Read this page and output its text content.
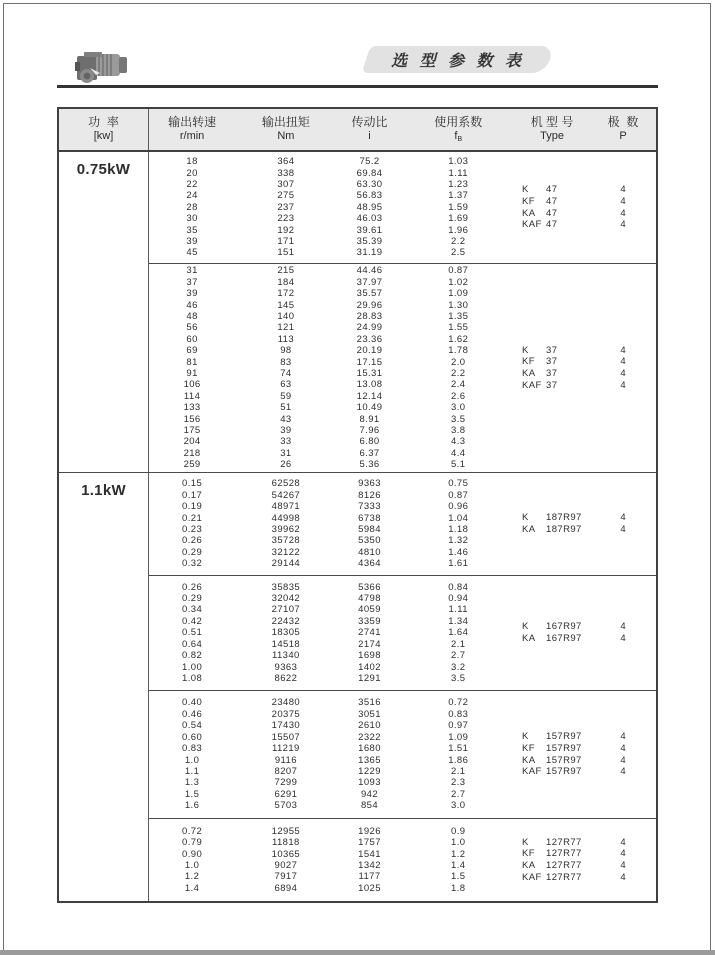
选 型 参 数 表
功  率
[kw]
输出转速
r/min
输出扭矩
Nm
传动比
i
使用系数
fB
机 型 号
Type
极  数
P
0.75kW	18
20
22
24
28
30
35
39
45
364
338
307
275
237
223
192
171
151
75.2
69.84
63.30
56.83
48.95
46.03
39.61
35.39
31.19
1.03
1.11
1.23
1.37
1.59
1.69
1.96
2.2
2.5
K 47
KF 47
KA 47
KAF 47
4
4
4
4
31
37
39
46
48
56
60
69
81
91
106
114
133
156
175
204
218
259
215
184
172
145
140
121
113
98
83
74
63
59
51
43
39
33
31
26
44.46
37.97
35.57
29.96
28.83
24.99
23.36
20.19
17.15
15.31
13.08
12.14
10.49
8.91
7.96
6.80
6.37
5.36
0.87
1.02
1.09
1.30
1.35
1.55
1.62
1.78
2.0
2.2
2.4
2.6
3.0
3.5
3.8
4.3
4.4
5.1
K 37
KF 37
KA 37
KAF 37
4
4
4
4
1.1kW	0.15
0.17
0.19
0.21
0.23
0.26
0.29
0.32
62528
54267
48971
44998
39962
35728
32122
29144
9363
8126
7333
6738
5984
5350
4810
4364
0.75
0.87
0.96
1.04
1.18
1.32
1.46
1.61
K 187R97
KA 187R97
4
4
0.26
0.29
0.34
0.42
0.51
0.64
0.82
1.00
1.08
35835
32042
27107
22432
18305
14518
11340
9363
8622
5366
4798
4059
3359
2741
2174
1698
1402
1291
0.84
0.94
1.11
1.34
1.64
2.1
2.7
3.2
3.5
K 167R97
KA 167R97
4
4
0.40
0.46
0.54
0.60
0.83
1.0
1.1
1.3
1.5
1.6
23480
20375
17430
15507
11219
9116
8207
7299
6291
5703
3516
3051
2610
2322
1680
1365
1229
1093
942
854
0.72
0.83
0.97
1.09
1.51
1.86
2.1
2.3
2.7
3.0
K 157R97
KF 157R97
KA 157R97
KAF 157R97
4
4
4
4
0.72
0.79
0.90
1.0
1.2
1.4
12955
11818
10365
9027
7917
6894
1926
1757
1541
1342
1177
1025
0.9
1.0
1.2
1.4
1.5
1.8
K 127R77
KF 127R77
KA 127R77
KAF 127R77
4
4
4
4
